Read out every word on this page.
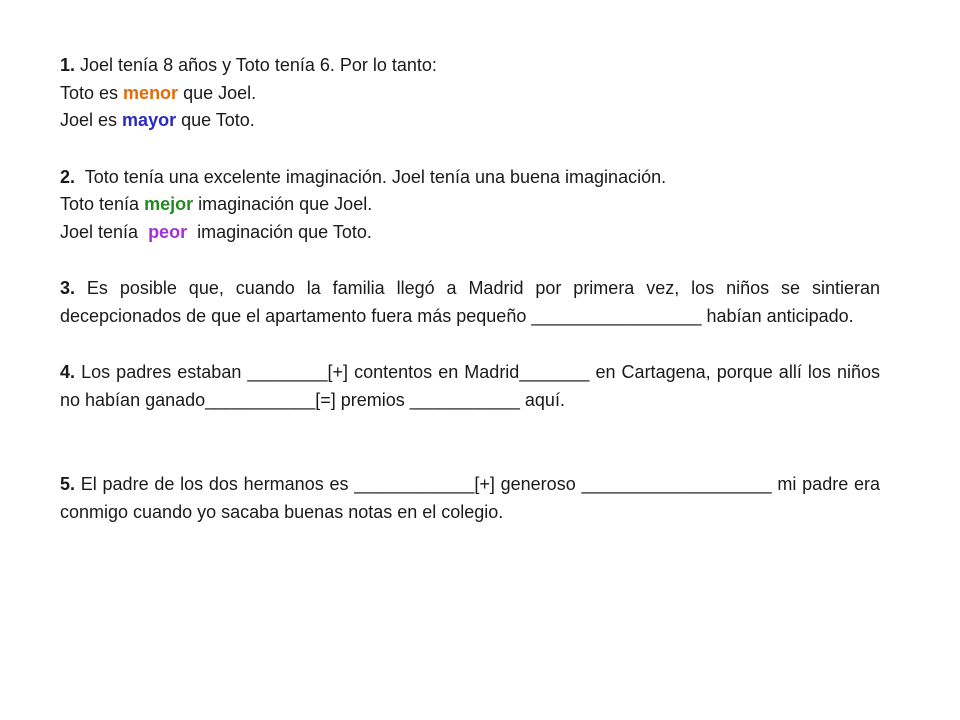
1. Joel tenía 8 años y Toto tenía 6. Por lo tanto:

Toto es menor que Joel.

Joel es mayor que Toto.

2.  Toto tenía una excelente imaginación. Joel tenía una buena imaginación.

Toto tenía mejor imaginación que Joel.

Joel tenía  peor  imaginación que Toto.

3. Es posible que, cuando la familia llegó a Madrid por primera vez, los niños se sintieran decepcionados de que el apartamento fuera más pequeño _________________ habían anticipado.

4. Los padres estaban ________[+] contentos en Madrid_______ en Cartagena, porque allí los niños no habían ganado___________[=] premios ___________ aquí.

5. El padre de los dos hermanos es ____________[+] generoso ___________________ mi padre era conmigo cuando yo sacaba buenas notas en el colegio.
